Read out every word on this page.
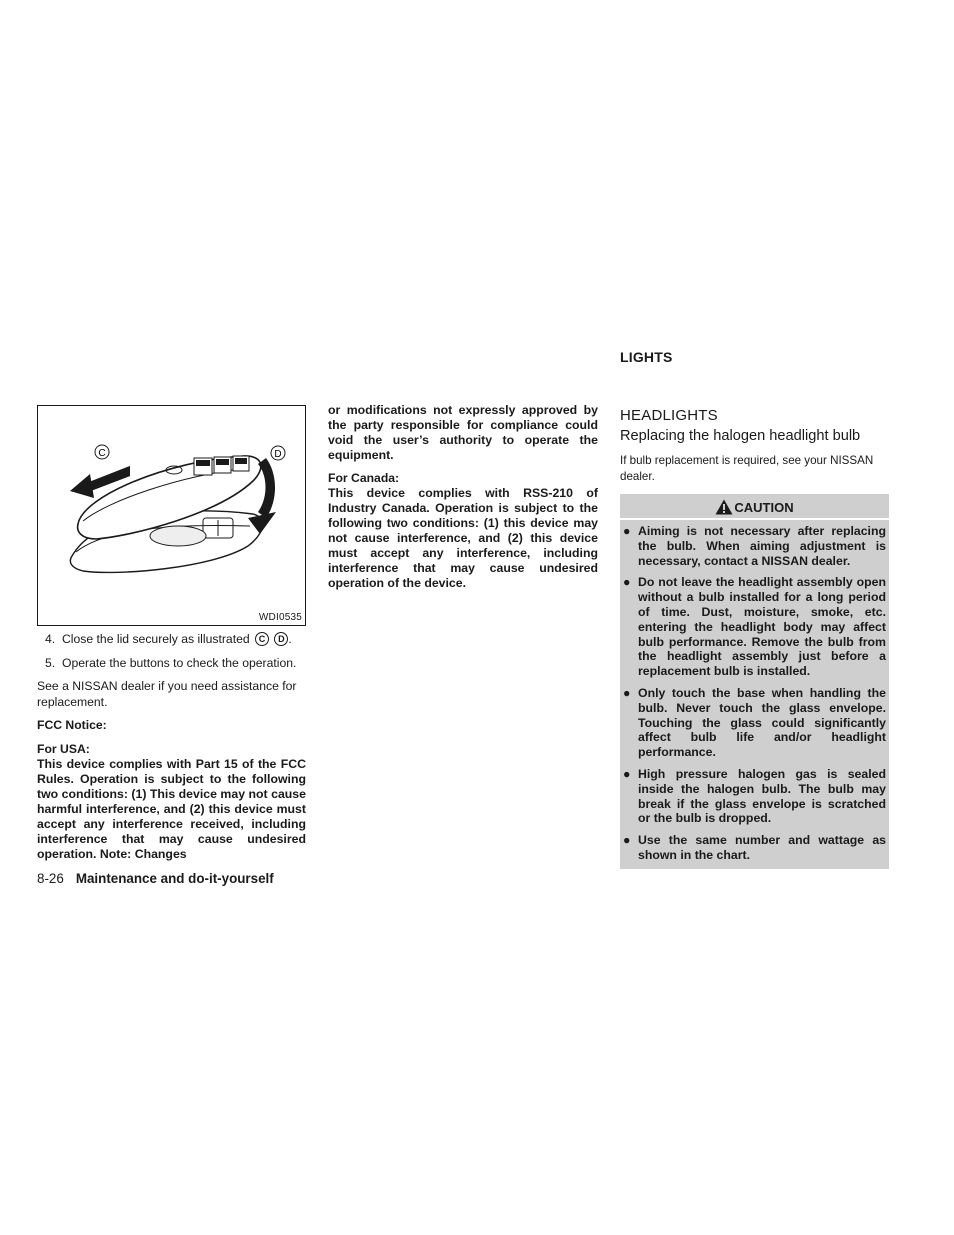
C	D
WDI0535

4. Close the lid securely as illustrated C D .

5. Operate the buttons to check the operation.

See a NISSAN dealer if you need assistance for replacement.

FCC Notice:

For USA:

This device complies with Part 15 of the FCC Rules. Operation is subject to the following two conditions: (1) This device may not cause harmful interference, and (2) this device must accept any interference received, including interference that may cause undesired operation. Note: Changes

8-26 Maintenance and do-it-yourself

or modifications not expressly approved by the party responsible for compliance could void the user’s authority to operate the equipment.

For Canada:

This device complies with RSS-210 of Industry Canada. Operation is subject to the following two conditions: (1) this device may not cause interference, and (2) this device must accept any interference, including interference that may cause undesired operation of the device.

LIGHTS
HEADLIGHTS
Replacing the halogen headlight bulb

If bulb replacement is required, see your NISSAN dealer.

CAUTION
● Aiming is not necessary after replacing the bulb. When aiming adjustment is necessary, contact a NISSAN dealer.
● Do not leave the headlight assembly open without a bulb installed for a long period of time. Dust, moisture, smoke, etc. entering the headlight body may affect bulb performance. Remove the bulb from the headlight assembly just before a replacement bulb is installed.
● Only touch the base when handling the bulb. Never touch the glass envelope. Touching the glass could significantly affect bulb life and/or headlight performance.
● High pressure halogen gas is sealed inside the halogen bulb. The bulb may break if the glass envelope is scratched or the bulb is dropped.
● Use the same number and wattage as shown in the chart.
